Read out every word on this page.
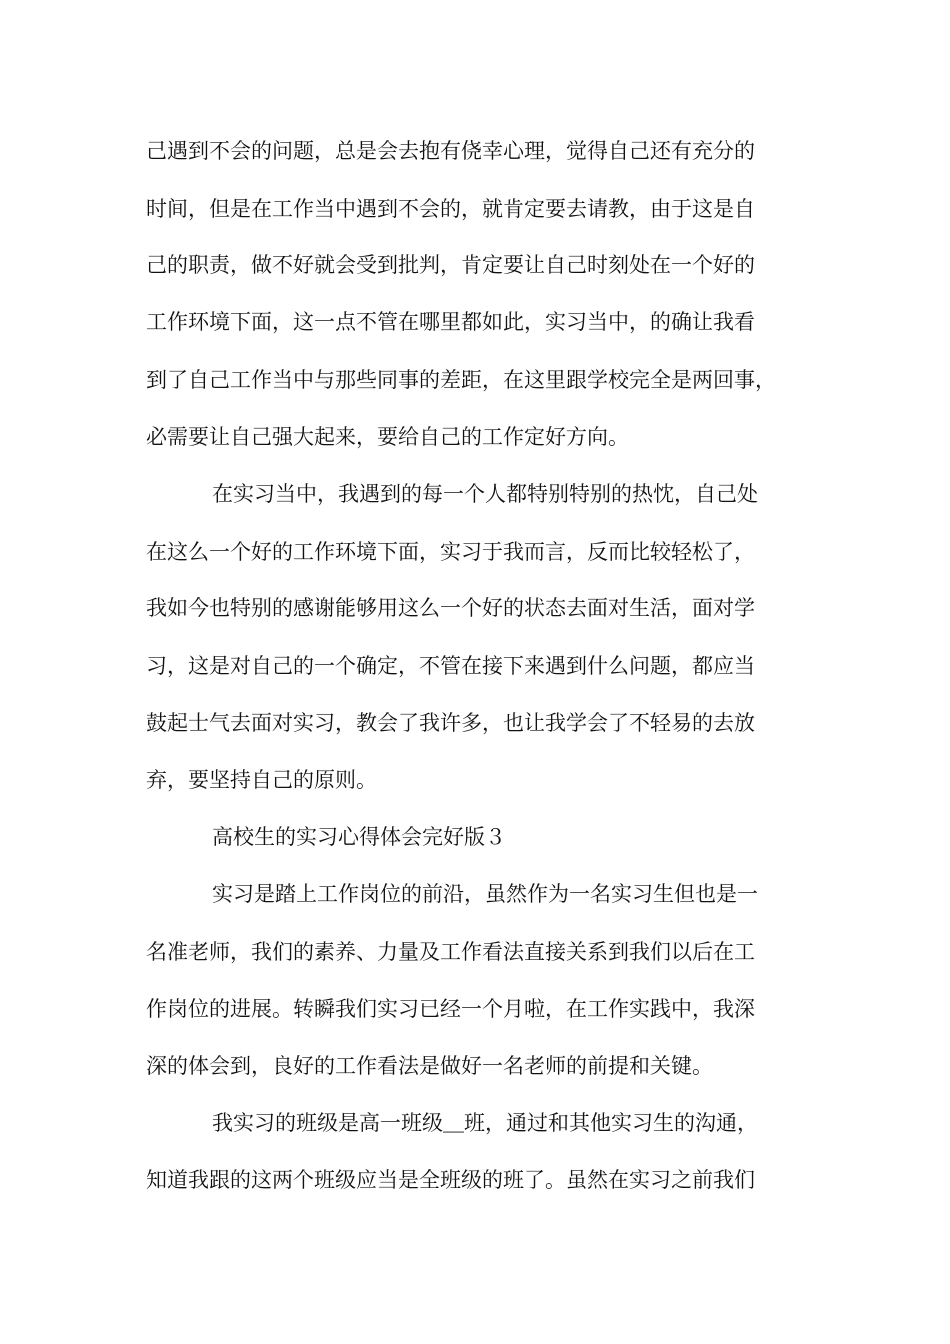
己遇到不会的问题，总是会去抱有侥幸心理，觉得自己还有充分的
时间，但是在工作当中遇到不会的，就肯定要去请教，由于这是自
己的职责，做不好就会受到批判，肯定要让自己时刻处在一个好的
工作环境下面，这一点不管在哪里都如此，实习当中，的确让我看
到了自己工作当中与那些同事的差距，在这里跟学校完全是两回事，
必需要让自己强大起来，要给自己的工作定好方向。
在实习当中，我遇到的每一个人都特别特别的热忱，自己处
在这么一个好的工作环境下面，实习于我而言，反而比较轻松了，
我如今也特别的感谢能够用这么一个好的状态去面对生活，面对学
习，这是对自己的一个确定，不管在接下来遇到什么问题，都应当
鼓起士气去面对实习，教会了我许多，也让我学会了不轻易的去放
弃，要坚持自己的原则。
高校生的实习心得体会完好版３
实习是踏上工作岗位的前沿，虽然作为一名实习生但也是一
名准老师，我们的素养、力量及工作看法直接关系到我们以后在工
作岗位的进展。转瞬我们实习已经一个月啦，在工作实践中，我深
深的体会到，良好的工作看法是做好一名老师的前提和关键。
我实习的班级是高一班级＿班，通过和其他实习生的沟通，
知道我跟的这两个班级应当是全班级的班了。虽然在实习之前我们
